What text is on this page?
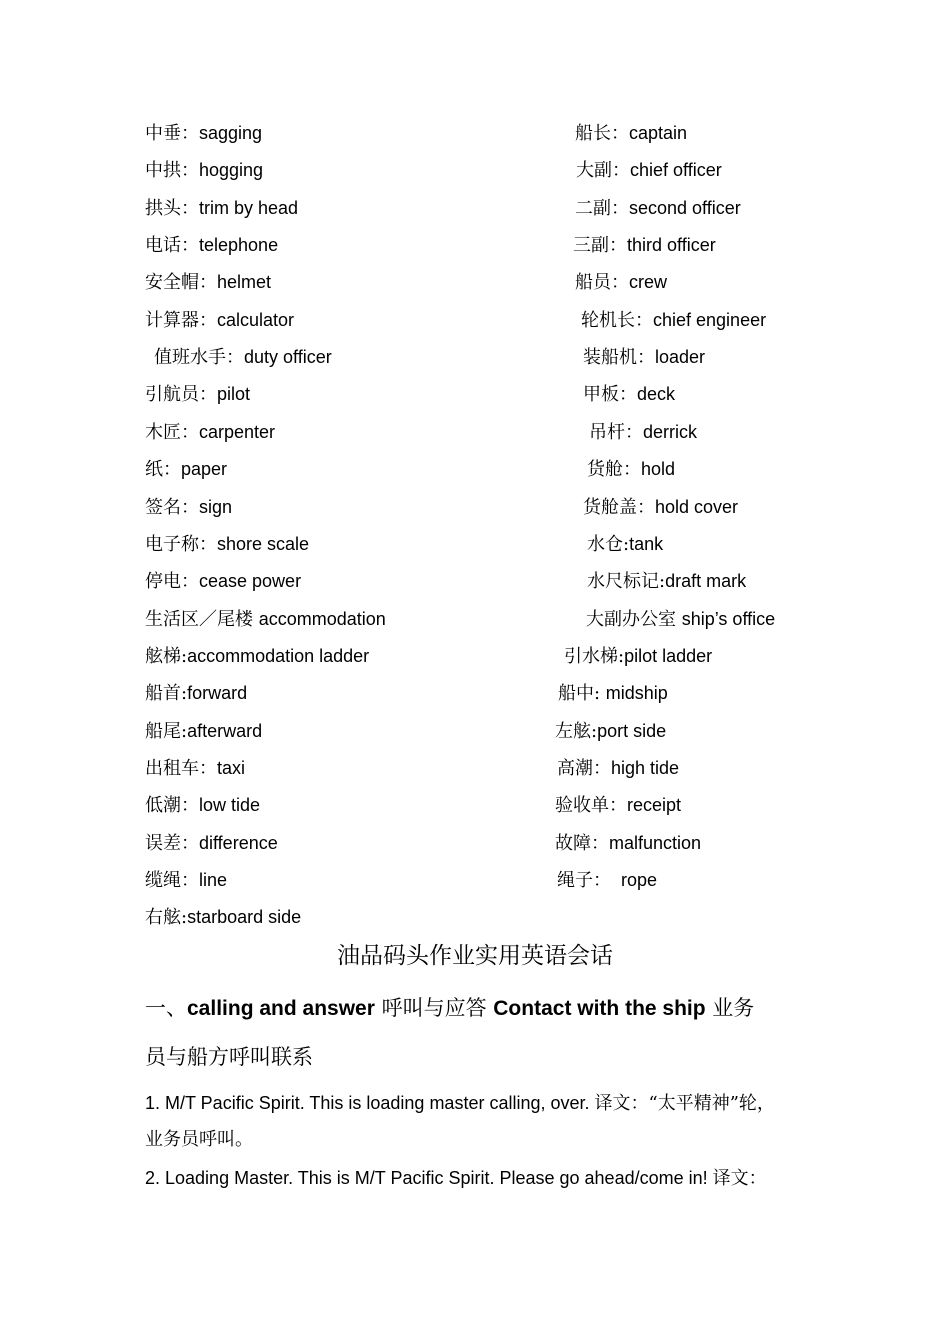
中垂：sagging	船长：captain
中拱：hogging	大副：chief officer
拱头：trim by head	二副：second officer
电话：telephone	三副：third officer
安全帽：helmet	船员：crew
计算器：calculator	轮机长：chief engineer
值班水手：duty officer	装船机：loader
引航员：pilot	甲板：deck
木匠：carpenter	吊杆：derrick
纸：paper	货舱：hold
签名：sign	货舱盖：hold cover
电子称：shore scale	水仓:tank
停电：cease power	水尺标记:draft mark
生活区／尾楼 accommodation	大副办公室 ship’s office
舷梯:accommodation ladder	引水梯:pilot ladder
船首:forward	船中: midship
船尾:afterward	左舷:port side
出租车：taxi	高潮：high tide
低潮：low tide	验收单：receipt
误差：difference	故障：malfunction
缆绳：line	绳子：  rope
右舷:starboard side
油品码头作业实用英语会话
一、calling and answer 呼叫与应答 Contact with the ship 业务
员与船方呼叫联系
1. M/T Pacific Spirit. This is loading master calling, over. 译文：“太平精神”轮，
业务员呼叫。
2. Loading Master. This is M/T Pacific Spirit. Please go ahead/come in! 译文：
